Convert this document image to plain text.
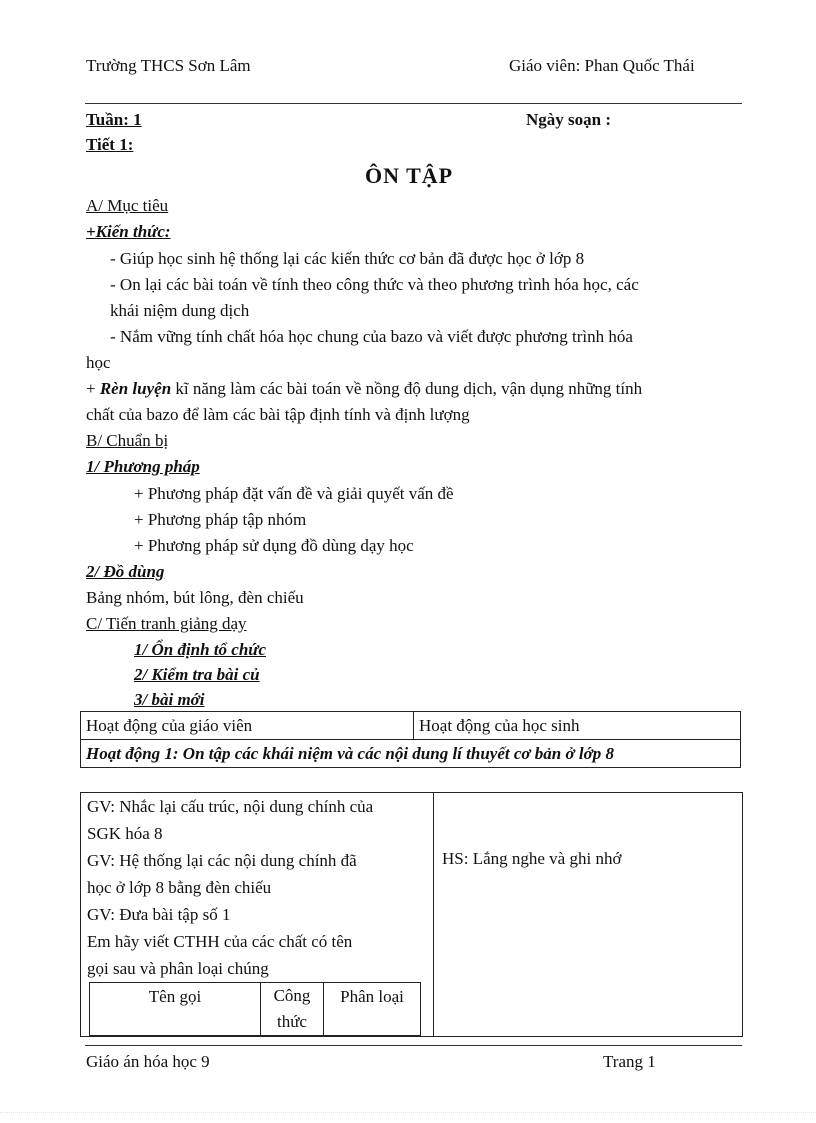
Trường THCS Sơn Lâm	Giáo viên: Phan Quốc Thái
Tuần: 1
Tiết 1:
Ngày soạn :
ÔN TẬP
A/ Mục tiêu
+Kiến thức:
- Giúp học sinh hệ thống lại các kiến thức cơ bản đã được học ở lớp 8
- On lại các bài toán về tính theo công thức và theo phương trình hóa học, các
khái niệm dung dịch
- Nắm vững tính chất hóa học chung của bazo và viết được phương trình hóa
học
+ Rèn luyện kĩ năng làm các bài toán về nồng độ dung dịch, vận dụng những tính
chất của bazo để làm các bài tập định tính và định lượng
B/ Chuẩn bị
1/ Phương pháp
+ Phương pháp đặt vấn đề và giải quyết vấn đề
+ Phương pháp tập nhóm
+ Phương pháp sử dụng đồ dùng dạy học
2/ Đồ dùng
Bảng nhóm, bút lông, đèn chiếu
C/ Tiến tranh giảng dạy
1/ Ổn định tổ chức
2/ Kiểm tra bài củ
3/ bài mới
Hoạt động của giáo viên	Hoạt động của học sinh
Hoạt động 1: On tập các khái niệm và các nội dung lí thuyết cơ bản ở lớp 8
GV: Nhắc lại cấu trúc, nội dung chính của
SGK hóa 8
GV: Hệ thống lại các nội dung chính đã
học ở lớp 8 bằng đèn chiếu
GV: Đưa bài tập số 1
Em hãy viết CTHH của các chất có tên
gọi sau và phân loại chúng
Tên gọi	Công thức	Phân loại
	HS: Lắng nghe và ghi nhớ
Giáo án hóa học 9	Trang 1
